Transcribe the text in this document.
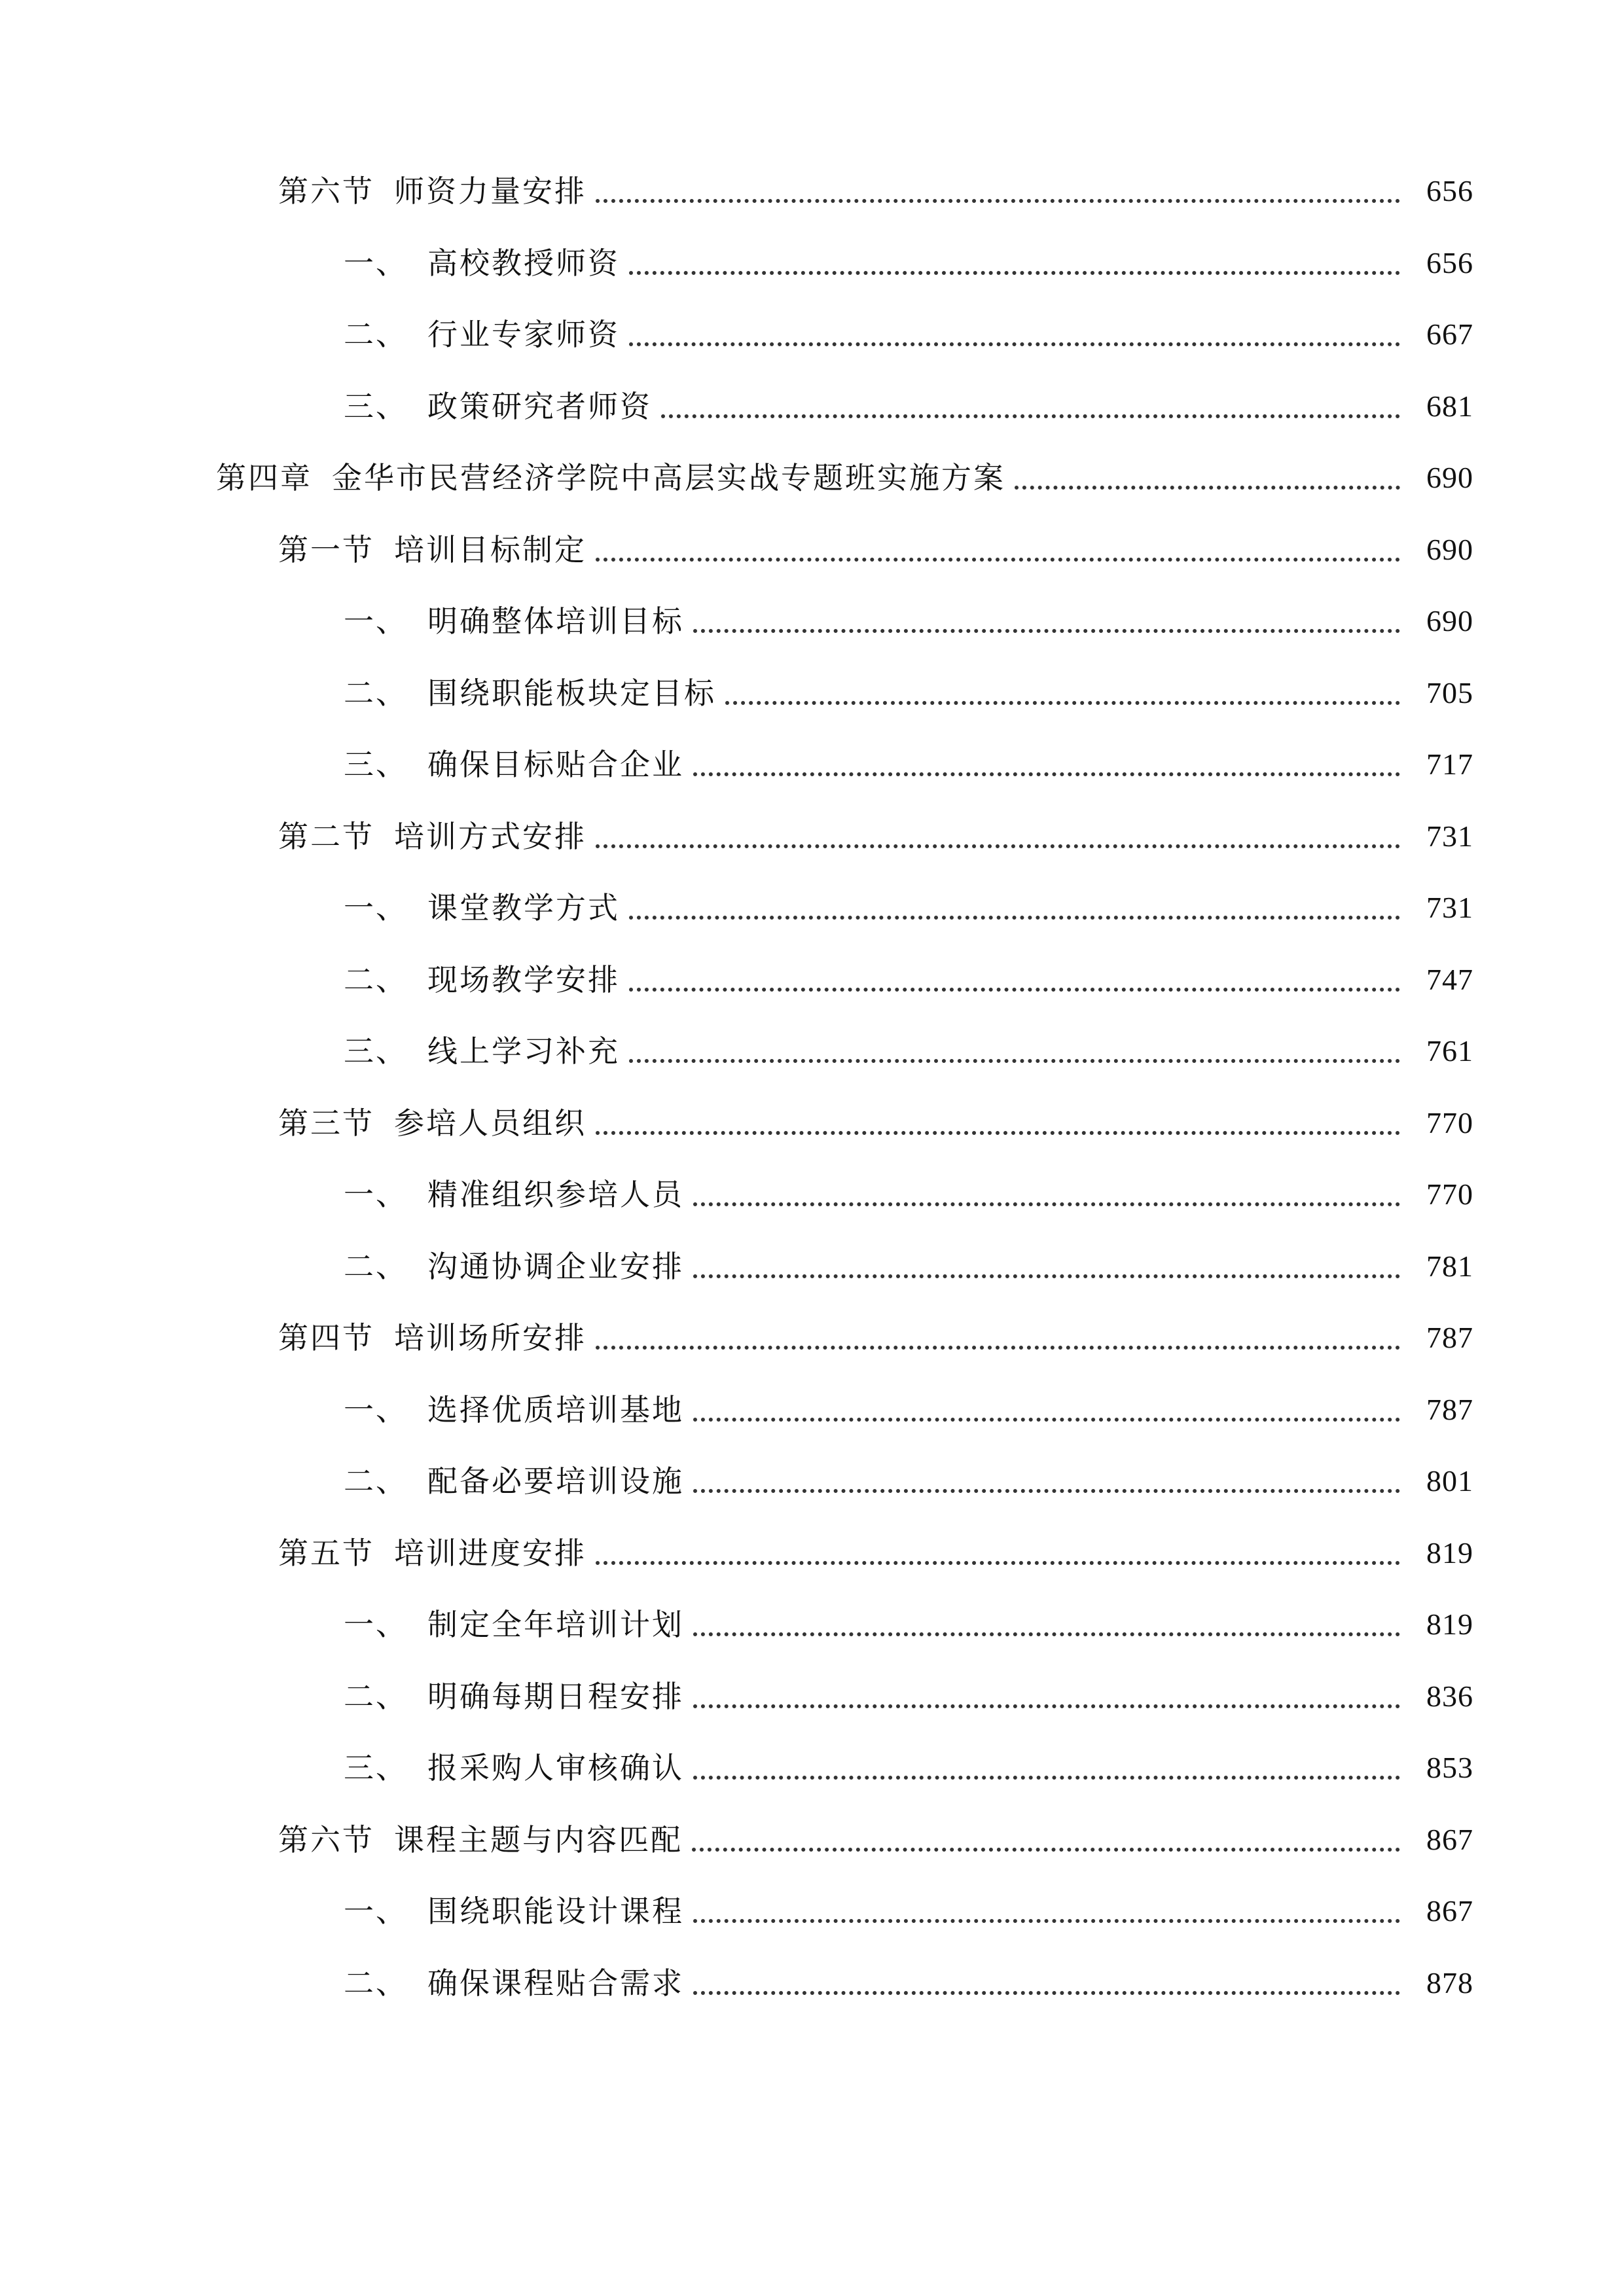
第六节 师资力量安排	656
一、 高校教授师资	656
二、 行业专家师资	667
三、 政策研究者师资	681
第四章 金华市民营经济学院中高层实战专题班实施方案	690
第一节 培训目标制定	690
一、 明确整体培训目标	690
二、 围绕职能板块定目标	705
三、 确保目标贴合企业	717
第二节 培训方式安排	731
一、 课堂教学方式	731
二、 现场教学安排	747
三、 线上学习补充	761
第三节 参培人员组织	770
一、 精准组织参培人员	770
二、 沟通协调企业安排	781
第四节 培训场所安排	787
一、 选择优质培训基地	787
二、 配备必要培训设施	801
第五节 培训进度安排	819
一、 制定全年培训计划	819
二、 明确每期日程安排	836
三、 报采购人审核确认	853
第六节 课程主题与内容匹配	867
一、 围绕职能设计课程	867
二、 确保课程贴合需求	878
